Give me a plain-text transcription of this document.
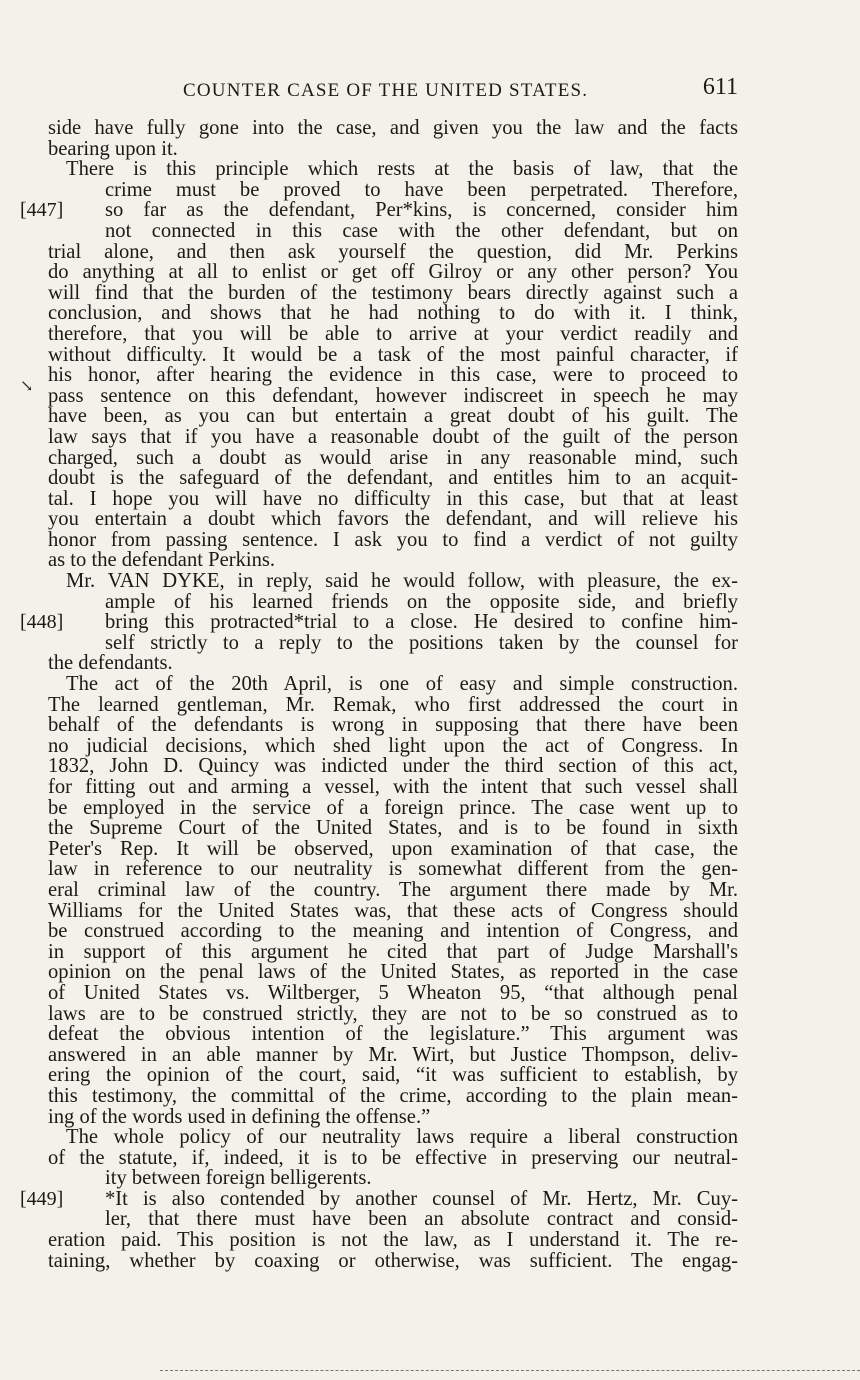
COUNTER CASE OF THE UNITED STATES.	611
side have fully gone into the case, and given you the law and the facts
bearing upon it.
There is this principle which rests at the basis of law, that the
crime must be proved to have been perpetrated. Therefore,
[447] so far as the defendant, Per*kins, is concerned, consider him
not connected in this case with the other defendant, but on
trial alone, and then ask yourself the question, did Mr. Perkins
do anything at all to enlist or get off Gilroy or any other person? You
will find that the burden of the testimony bears directly against such a
conclusion, and shows that he had nothing to do with it. I think,
therefore, that you will be able to arrive at your verdict readily and
without difficulty. It would be a task of the most painful character, if
his honor, after hearing the evidence in this case, were to proceed to
pass sentence on this defendant, however indiscreet in speech he may
have been, as you can but entertain a great doubt of his guilt. The
law says that if you have a reasonable doubt of the guilt of the person
charged, such a doubt as would arise in any reasonable mind, such
doubt is the safeguard of the defendant, and entitles him to an acquit-
tal. I hope you will have no difficulty in this case, but that at least
you entertain a doubt which favors the defendant, and will relieve his
honor from passing sentence. I ask you to find a verdict of not guilty
as to the defendant Perkins.
Mr. VAN DYKE, in reply, said he would follow, with pleasure, the ex-
ample of his learned friends on the opposite side, and briefly
[448] bring this protracted*trial to a close. He desired to confine him-
self strictly to a reply to the positions taken by the counsel for
the defendants.
The act of the 20th April, is one of easy and simple construction.
The learned gentleman, Mr. Remak, who first addressed the court in
behalf of the defendants is wrong in supposing that there have been
no judicial decisions, which shed light upon the act of Congress. In
1832, John D. Quincy was indicted under the third section of this act,
for fitting out and arming a vessel, with the intent that such vessel shall
be employed in the service of a foreign prince. The case went up to
the Supreme Court of the United States, and is to be found in sixth
Peter's Rep. It will be observed, upon examination of that case, the
law in reference to our neutrality is somewhat different from the gen-
eral criminal law of the country. The argument there made by Mr.
Williams for the United States was, that these acts of Congress should
be construed according to the meaning and intention of Congress, and
in support of this argument he cited that part of Judge Marshall's
opinion on the penal laws of the United States, as reported in the case
of United States vs. Wiltberger, 5 Wheaton 95, “that although penal
laws are to be construed strictly, they are not to be so construed as to
defeat the obvious intention of the legislature.” This argument was
answered in an able manner by Mr. Wirt, but Justice Thompson, deliv-
ering the opinion of the court, said, “it was sufficient to establish, by
this testimony, the committal of the crime, according to the plain mean-
ing of the words used in defining the offense.”
The whole policy of our neutrality laws require a liberal construction
of the statute, if, indeed, it is to be effective in preserving our neutral-
ity between foreign belligerents.
[449] *It is also contended by another counsel of Mr. Hertz, Mr. Cuy-
ler, that there must have been an absolute contract and consid-
eration paid. This position is not the law, as I understand it. The re-
taining, whether by coaxing or otherwise, was sufficient. The engag-
↘
